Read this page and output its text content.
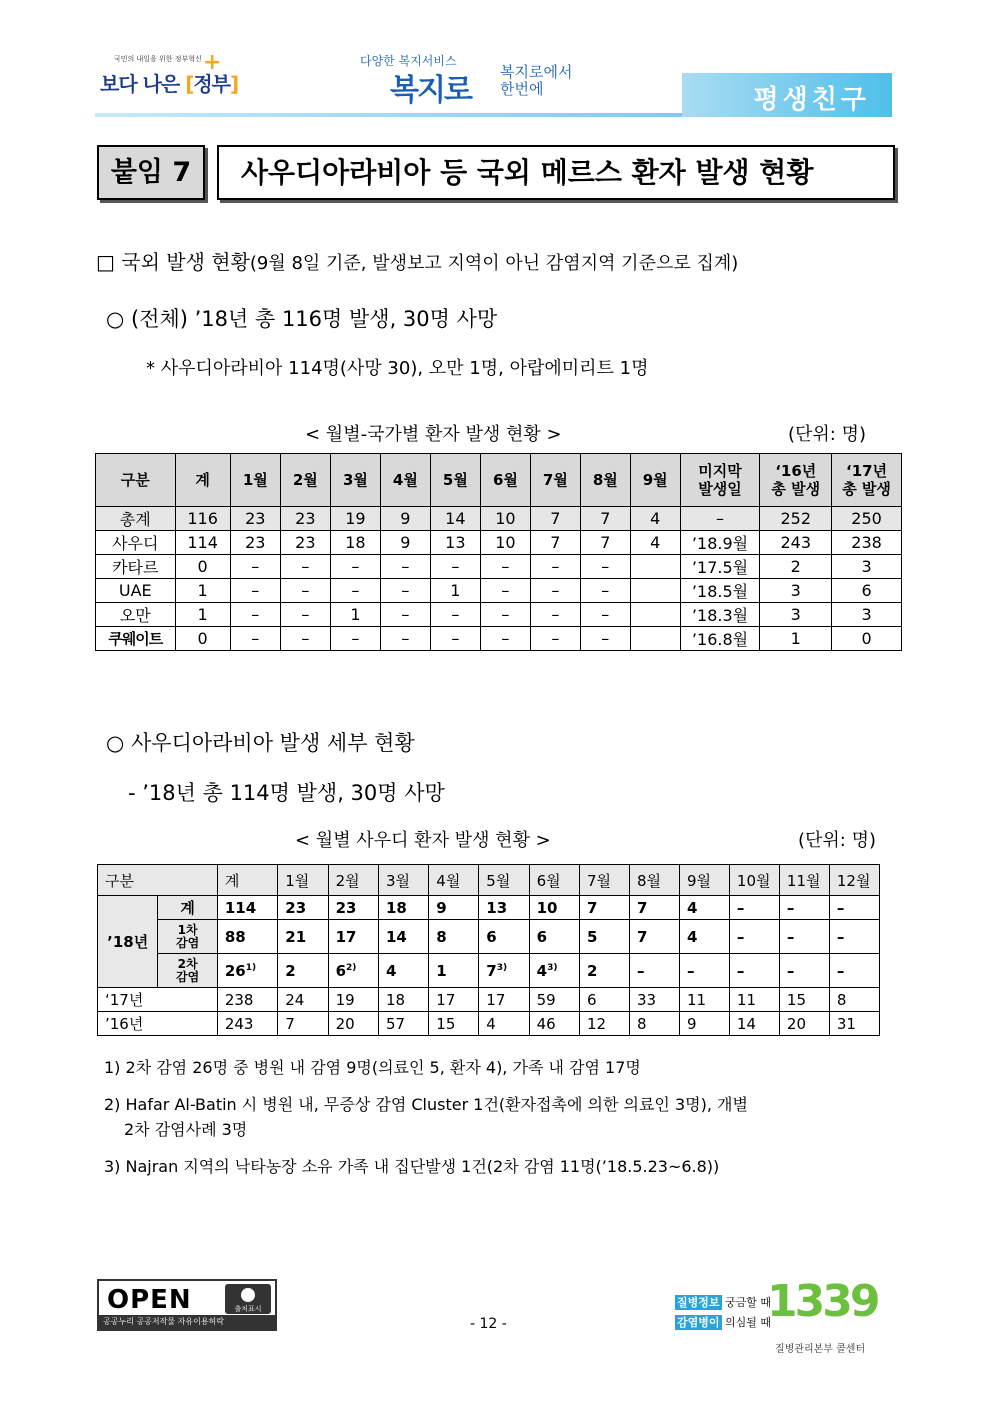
국민의 내일을 위한 정부혁신
보다 나은 [정부]
+	다양한 복지서비스
복지로
복지로에서
한번에	평생친구
붙임 7	사우디아라비아 등 국외 메르스 환자 발생 현황
□ 국외 발생 현황(9월 8일 기준, 발생보고 지역이 아닌 감염지역 기준으로 집계)
○ (전체) ’18년 총 116명 발생, 30명 사망
* 사우디아라비아 114명(사망 30), 오만 1명, 아랍에미리트 1명
< 월별-국가별 환자 발생 현황 >	(단위: 명)
구분	계	1월	2월	3월	4월	5월	6월	7월	8월	9월	미지막
발생일	‘16년
총 발생	‘17년
총 발생
총계	116	23	23	19	9	14	10	7	7	4	–	252	250
사우디	114	23	23	18	9	13	10	7	7	4	’18.9월	243	238
카타르	0	–	–	–	–	–	–	–	–		’17.5월	2	3
UAE	1	–	–	–	–	1	–	–	–		’18.5월	3	6
오만	1	–	–	1	–	–	–	–	–		’18.3월	3	3
쿠웨이트	0	–	–	–	–	–	–	–	–		’16.8월	1	0
○ 사우디아라비아 발생 세부 현황
- ’18년 총 114명 발생, 30명 사망
< 월별 사우디 환자 발생 현황 >	(단위: 명)
구분		계	1월	2월	3월	4월	5월	6월	7월	8월	9월	10월	11월	12월
’18년	계	114	23	23	18	9	13	10	7	7	4	–	–	–
	1차
감염	88	21	17	14	8	6	6	5	7	4	–	–	–
	2차
감염	26$^{1)}$	2	6$^{2)}$	4	1	7$^{3)}$	4$^{3)}$	2	–	–	–	–	–
‘17년		238	24	19	18	17	17	59	6	33	11	11	15	8
’16년		243	7	20	57	15	4	46	12	8	9	14	20	31
1) 2차 감염 26명 중 병원 내 감염 9명(의료인 5, 환자 4), 가족 내 감염 17명
2) Hafar Al-Batin 시 병원 내, 무증상 감염 Cluster 1건(환자접촉에 의한 의료인 3명), 개별
2차 감염사례 3명
3) Najran 지역의 낙타농장 소유 가족 내 집단발생 1건(2차 감염 11명(’18.5.23~6.8))
OPEN	출처표시
공공누리 공공저작물 자유이용허락	- 12 -
질병정보 궁금할 때
감염병이 의심될 때
1339
질병관리본부 콜센터
